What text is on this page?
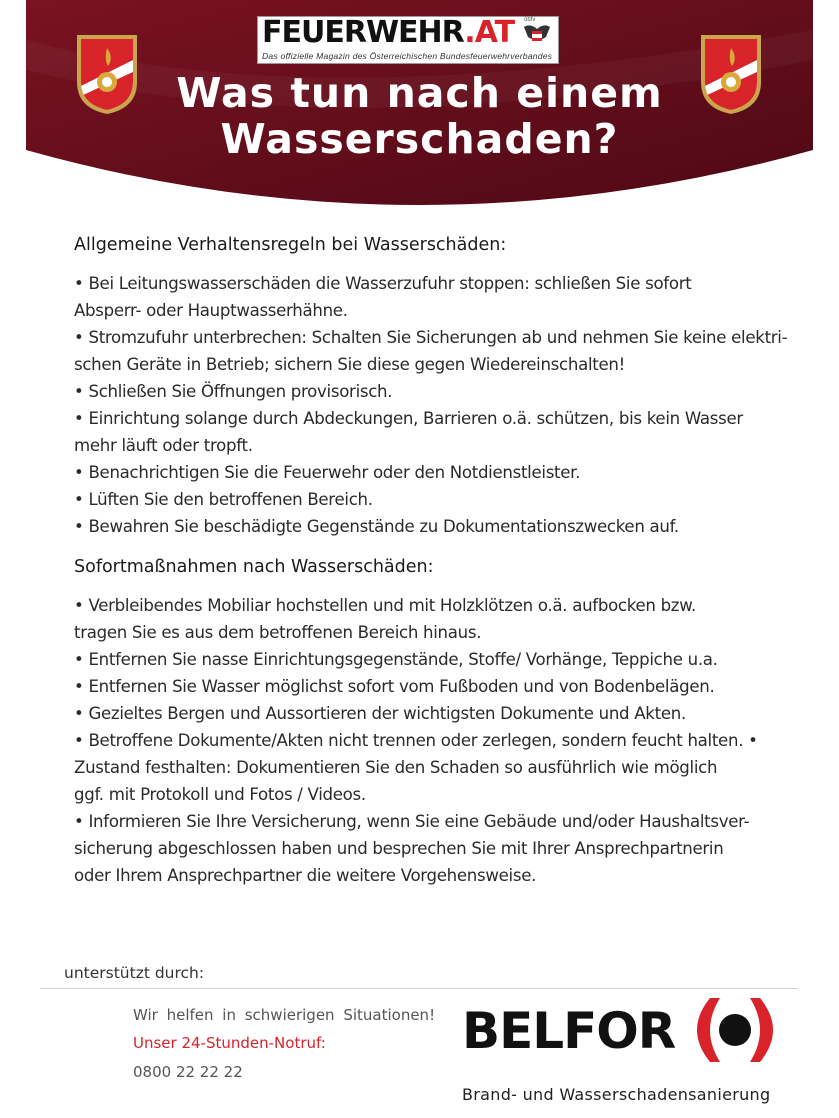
FEUERWEHR.AT öbfv
Das offizielle Magazin des Österreichischen Bundesfeuerwehrverbandes
Was tun nach einem
Wasserschaden?
Allgemeine Verhaltensregeln bei Wasserschäden:
• Bei Leitungswasserschäden die Wasserzufuhr stoppen: schließen Sie sofort
Absperr- oder Hauptwasserhähne.
• Stromzufuhr unterbrechen: Schalten Sie Sicherungen ab und nehmen Sie keine elektri-
schen Geräte in Betrieb; sichern Sie diese gegen Wiedereinschalten!
• Schließen Sie Öffnungen provisorisch.
• Einrichtung solange durch Abdeckungen, Barrieren o.ä. schützen, bis kein Wasser
mehr läuft oder tropft.
• Benachrichtigen Sie die Feuerwehr oder den Notdienstleister.
• Lüften Sie den betroffenen Bereich.
• Bewahren Sie beschädigte Gegenstände zu Dokumentationszwecken auf.
Sofortmaßnahmen nach Wasserschäden:
• Verbleibendes Mobiliar hochstellen und mit Holzklötzen o.ä. aufbocken bzw.
tragen Sie es aus dem betroffenen Bereich hinaus.
• Entfernen Sie nasse Einrichtungsgegenstände, Stoffe/ Vorhänge, Teppiche u.a.
• Entfernen Sie Wasser möglichst sofort vom Fußboden und von Bodenbelägen.
• Gezieltes Bergen und Aussortieren der wichtigsten Dokumente und Akten.
• Betroffene Dokumente/Akten nicht trennen oder zerlegen, sondern feucht halten. •
Zustand festhalten: Dokumentieren Sie den Schaden so ausführlich wie möglich
ggf. mit Protokoll und Fotos / Videos.
• Informieren Sie Ihre Versicherung, wenn Sie eine Gebäude und/oder Haushaltsver-
sicherung abgeschlossen haben und besprechen Sie mit Ihrer Ansprechpartnerin
oder Ihrem Ansprechpartner die weitere Vorgehensweise.
unterstützt durch:
Wir helfen in schwierigen Situationen!
Unser 24-Stunden-Notruf:
0800 22 22 22
BELFOR
Brand- und Wasserschadensanierung
